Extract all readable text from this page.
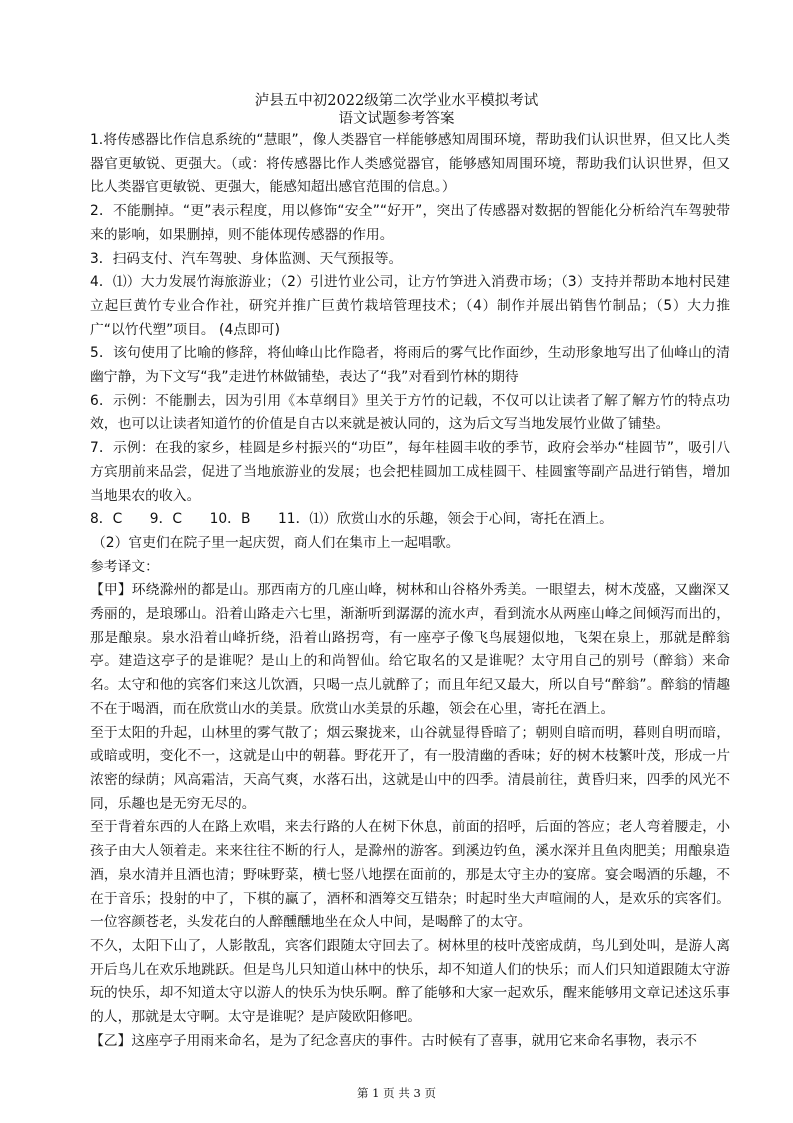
泸县五中初2022级第二次学业水平模拟考试
语文试题参考答案

1.将传感器比作信息系统的“慧眼”，像人类器官一样能够感知周围环境，帮助我们认识世界，但又比人类器官更敏锐、更强大。（或：将传感器比作人类感觉器官，能够感知周围环境，帮助我们认识世界，但又比人类器官更敏锐、更强大，能感知超出感官范围的信息。）

2．不能删掉。“更”表示程度，用以修饰“安全”“好开”，突出了传感器对数据的智能化分析给汽车驾驶带来的影响，如果删掉，则不能体现传感器的作用。

3．扫码支付、汽车驾驶、身体监测、天气预报等。

4．⑴）大力发展竹海旅游业；（2）引进竹业公司，让方竹笋进入消费市场；（3）支持并帮助本地村民建立起巨黄竹专业合作社，研究并推广巨黄竹栽培管理技术；（4）制作并展出销售竹制品；（5）大力推广“以竹代塑”项目。 (4点即可)

5．该句使用了比喻的修辞，将仙峰山比作隐者，将雨后的雾气比作面纱，生动形象地写出了仙峰山的清幽宁静，为下文写“我”走进竹林做铺垫，表达了“我”对看到竹林的期待

6．示例：不能删去，因为引用《本草纲目》里关于方竹的记载，不仅可以让读者了解了解方竹的特点功效，也可以让读者知道竹的价值是自古以来就是被认同的，这为后文写当地发展竹业做了铺垫。

7．示例：在我的家乡，桂圆是乡村振兴的“功臣”，每年桂圆丰收的季节，政府会举办“桂圆节”，吸引八方宾朋前来品尝，促进了当地旅游业的发展；也会把桂圆加工成桂圆干、桂圆蜜等副产品进行销售，增加当地果农的收入。

8．C　　9．C　　10．B　　11．⑴）欣赏山水的乐趣，领会于心间，寄托在酒上。

（2）官吏们在院子里一起庆贺，商人们在集市上一起唱歌。

参考译文：

【甲】环绕滁州的都是山。那西南方的几座山峰，树林和山谷格外秀美。一眼望去，树木茂盛，又幽深又秀丽的，是琅琊山。沿着山路走六七里，渐渐听到潺潺的流水声，看到流水从两座山峰之间倾泻而出的，那是酿泉。泉水沿着山峰折绕，沿着山路拐弯，有一座亭子像飞鸟展翅似地，飞架在泉上，那就是醉翁亭。建造这亭子的是谁呢？是山上的和尚智仙。给它取名的又是谁呢？太守用自己的别号（醉翁）来命名。太守和他的宾客们来这儿饮酒，只喝一点儿就醉了；而且年纪又最大，所以自号“醉翁”。醉翁的情趣不在于喝酒，而在欣赏山水的美景。欣赏山水美景的乐趣，领会在心里，寄托在酒上。

至于太阳的升起，山林里的雾气散了；烟云聚拢来，山谷就显得昏暗了；朝则自暗而明，暮则自明而暗，或暗或明，变化不一，这就是山中的朝暮。野花开了，有一股清幽的香味；好的树木枝繁叶茂，形成一片浓密的绿荫；风高霜洁，天高气爽，水落石出，这就是山中的四季。清晨前往，黄昏归来，四季的风光不同，乐趣也是无穷无尽的。

至于背着东西的人在路上欢唱，来去行路的人在树下休息，前面的招呼，后面的答应；老人弯着腰走，小孩子由大人领着走。来来往往不断的行人，是滁州的游客。到溪边钓鱼，溪水深并且鱼肉肥美；用酿泉造酒，泉水清并且酒也清；野味野菜，横七竖八地摆在面前的，那是太守主办的宴席。宴会喝酒的乐趣，不在于音乐；投射的中了，下棋的赢了，酒杯和酒筹交互错杂；时起时坐大声喧闹的人，是欢乐的宾客们。一位容颜苍老，头发花白的人醉醺醺地坐在众人中间，是喝醉了的太守。

不久，太阳下山了，人影散乱，宾客们跟随太守回去了。树林里的枝叶茂密成荫，鸟儿到处叫，是游人离开后鸟儿在欢乐地跳跃。但是鸟儿只知道山林中的快乐，却不知道人们的快乐；而人们只知道跟随太守游玩的快乐，却不知道太守以游人的快乐为快乐啊。醉了能够和大家一起欢乐，醒来能够用文章记述这乐事的人，那就是太守啊。太守是谁呢？是庐陵欧阳修吧。

【乙】这座亭子用雨来命名，是为了纪念喜庆的事件。古时候有了喜事，就用它来命名事物，表示不

第 1 页 共 3 页
